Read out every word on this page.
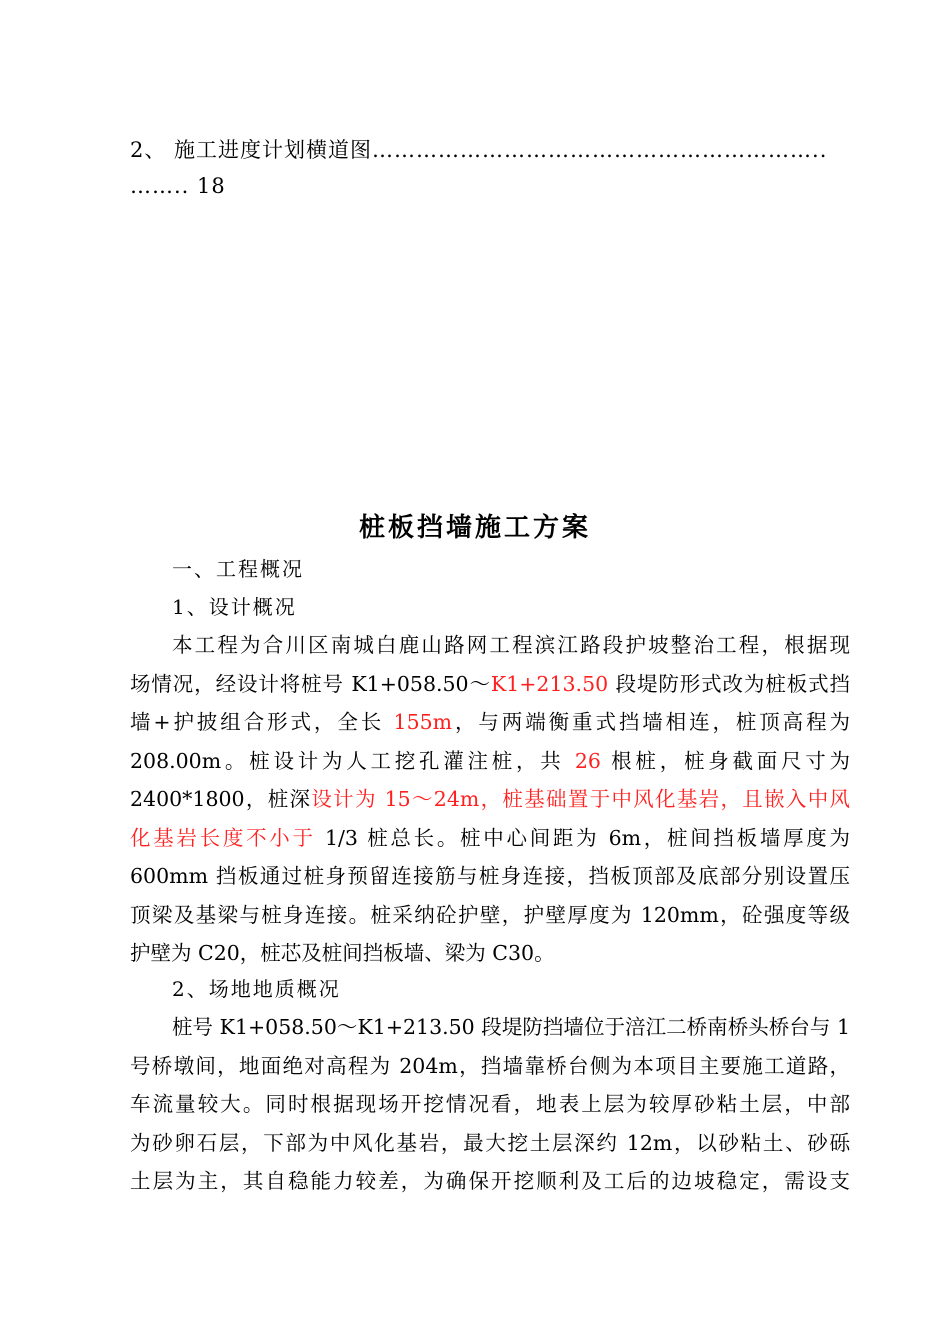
2、 施工进度计划横道图……………………………………………………..
…….. 18
桩板挡墙施工方案
一、工程概况
1、设计概况
本工程为合川区南城白鹿山路网工程滨江路段护坡整治工程，根据现
场情况，经设计将桩号 K1+058.50～K1+213.50 段堤防形式改为桩板式挡
墙+护披组合形式，全长 155m，与两端衡重式挡墙相连，桩顶高程为
208.00m。桩设计为人工挖孔灌注桩，共 26 根桩，桩身截面尺寸为
2400*1800，桩深设计为 15～24m，桩基础置于中风化基岩，且嵌入中风
化基岩长度不小于 1/3 桩总长。桩中心间距为 6m，桩间挡板墙厚度为
600mm 挡板通过桩身预留连接筋与桩身连接，挡板顶部及底部分别设置压
顶梁及基梁与桩身连接。桩采纳砼护壁，护壁厚度为 120mm，砼强度等级
护壁为 C20，桩芯及桩间挡板墙、梁为 C30。
2、场地地质概况
桩号 K1+058.50～K1+213.50 段堤防挡墙位于涪江二桥南桥头桥台与 1
号桥墩间，地面绝对高程为 204m，挡墙靠桥台侧为本项目主要施工道路，
车流量较大。同时根据现场开挖情况看，地表上层为较厚砂粘土层，中部
为砂卵石层，下部为中风化基岩，最大挖土层深约 12m，以砂粘土、砂砾
土层为主，其自稳能力较差，为确保开挖顺利及工后的边坡稳定，需设支
